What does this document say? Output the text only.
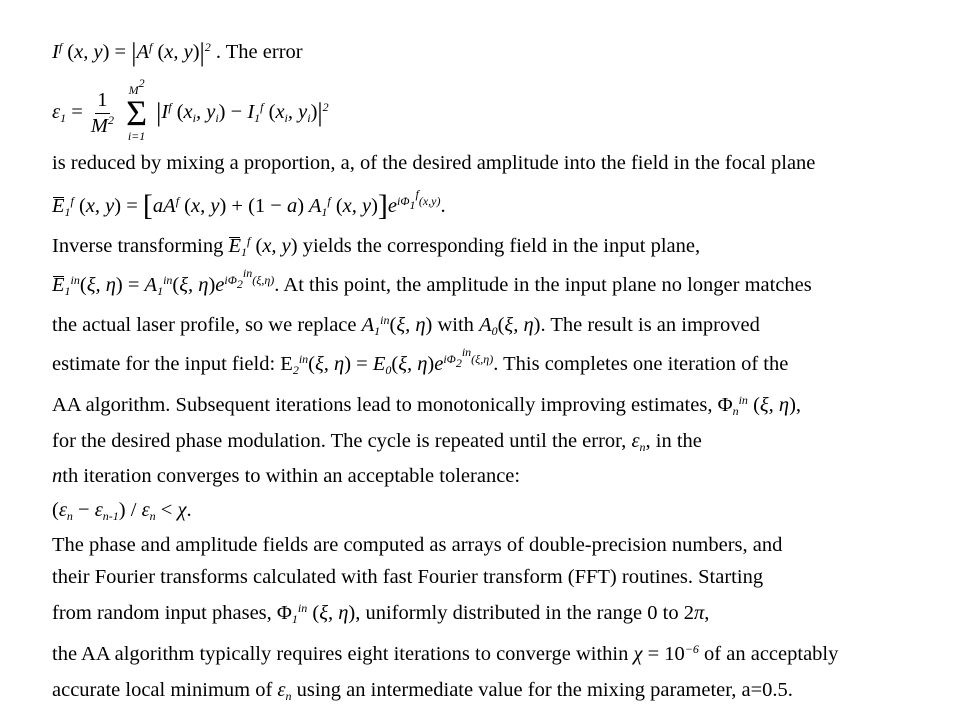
$I^f$ (x, $y) = |A^f$ (x, $y)|^2$ . The error
$\varepsilon_1 = \frac{1}{M^2}$

$M^2$
Σ
i=1
$|I^f$ ($x_i$, $y_i) - I_1^f$ ($x_i$, $y_i)|^2$
is reduced by mixing a proportion, a, of the desired amplitude into the field in the focal plane
$E_1^f$ (x, $y) = [aA^f$ (x, y) + (1 − a) $A_1^f$ (x, $y)]e^{i\Phi_1^f(x,y)}$.
Inverse transforming $E_1^f$ (x, y) yields the corresponding field in the input plane,
$E_1^{in}(\xi$, $\eta) = A_1^{in}(\xi$, $\eta)e^{i\Phi_2^{in}(\xi,\eta)}$. At this point, the amplitude in the input plane no longer matches
the actual laser profile, so we replace $A_1^{in}(\xi$, η) with $A_0(\xi$, η). The result is an improved
estimate for the input field: $E_2^{in}(\xi$, $\eta) = E_0(\xi$, $\eta)e^{i\Phi_2^{in}(\xi,\eta)}$. This completes one iteration of the
AA algorithm. Subsequent iterations lead to monotonically improving estimates, $\Phi_n^{in}$ (ξ, η),
for the desired phase modulation. The cycle is repeated until the error, $\varepsilon_n$, in the
nth iteration converges to within an acceptable tolerance:
$(\varepsilon_n - \varepsilon_{n-1}) / \varepsilon_n < \chi$.
The phase and amplitude fields are computed as arrays of double-precision numbers, and
their Fourier transforms calculated with fast Fourier transform (FFT) routines. Starting
from random input phases, $\Phi_1^{in}$ (ξ, η), uniformly distributed in the range 0 to 2π,
the AA algorithm typically requires eight iterations to converge within $\chi = 10^{-6}$ of an acceptably
accurate local minimum of $\varepsilon_n$ using an intermediate value for the mixing parameter, a=0.5.
